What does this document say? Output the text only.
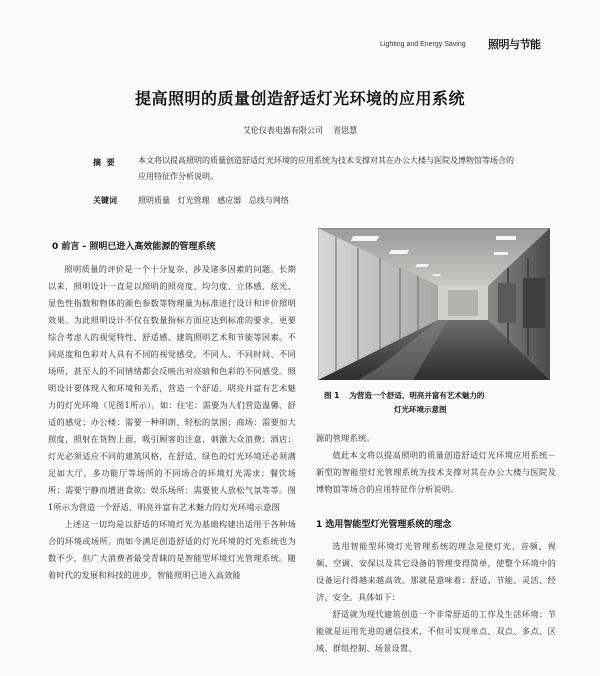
Lighting and Energy Saving 照明与节能
提高照明的质量创造舒适灯光环境的应用系统
艾伦仪表电器有限公司    晋思慧
摘  要	本文将以提高照明的质量创造舒适灯光环境的应用系统为技术支撑对其在办公大楼与医院及博物馆等场合的应用特征作分析说明。
关键词	照明质量   灯光管理   感应器   总线与网络
0 前言 - 照明已进入高效能源的管理系统

照明质量的评价是一个十分复杂、涉及诸多因素的问题。长期以来，照明设计一直是以照明的照亮度、均匀度、立体感、炫光、显色性指数和物体的颜色参数等物理量为标准进行设计和评价照明效果。为此照明设计不仅在数量指标方面应达到标准的要求，更要综合考虑人的视觉特性、舒适感、建筑照明艺术和节能等因素。不同亮度和色彩对人具有不同的视觉感受，不同人、不同时间、不同场所，甚至人的不同情绪都会反映出对亮暗和色彩的不同感受。照明设计要体现人和环境和关系，营造一个舒适、明亮并富有艺术魅力的灯光环境（见图1所示）。如：住宅：需要为人们营造温馨、舒适的感觉；办公楼：需要一种明朗、轻松的氛围；商场：需要加大照度，照射在货物上面，吸引顾客的注意，刺激大众消费；酒店：灯光必须适应不同的建筑风格，在舒适、绿色的灯光环境还必须满足如大厅，多功能厅等场所的不同场合的环境灯光需求；餐饮场所：需要宁静而增进食欲；娱乐场所：需要使人放松气氛等等。图1所示为营造一个舒适、明亮并富有艺术魅力的灯光环境示意图

上述这一切均是以舒适的环境灯光为基础构建出适用于各种场合的环境或场所。而如今满足创造舒适的灯光环境的灯光系统也为数不少，但广大消费者最受青睐的是智能型环境灯光管理系统。随着时代的发展和科技的进步，智能照明已进入高效能

图 1 为营造一个舒适、明亮并富有艺术魅力的
灯光环境示意图
源的管理系统。

值此本文将以提高照明的质量创造舒适灯光环境应用系统－新型的智能型灯光管理系统为技术支撑对其在办公大楼与医院及博物馆等场合的应用特征作分析说明。

1 选用智能型灯光管理系统的理念

选用智能型环境灯光管理系统的理念是使灯光、音频、视频、空调、安保以及其它设备的管理变得简单，使整个环境中的设备运行得越来越高效。那就是意味着：舒适、节能、灵活、经济、安全。具体如下：

舒适就为现代建筑创造一个非常舒适的工作及生活环境；节能就是运用先进的通信技术，不但可实现单点、双点、多点、区域、群组控制、场景设置、
